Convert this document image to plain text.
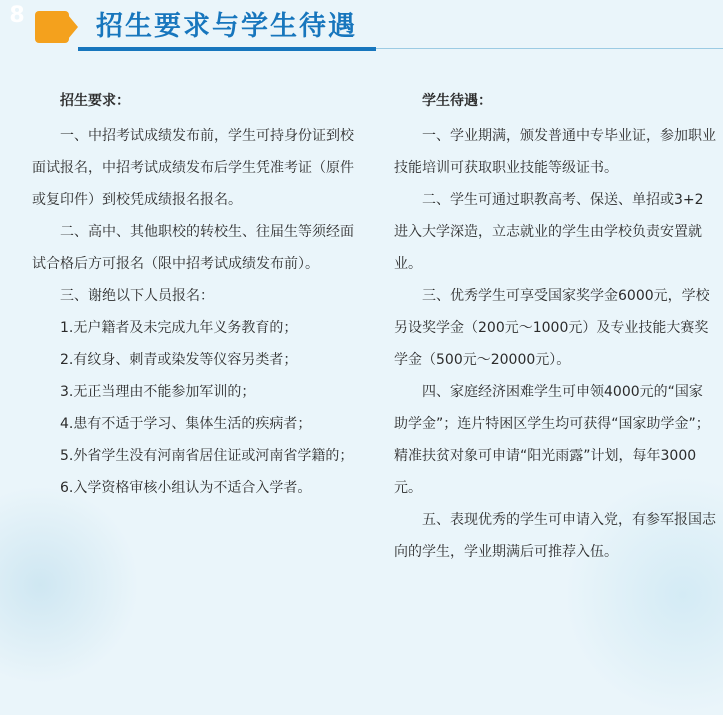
8	招生要求与学生待遇
招生要求：

一、中招考试成绩发布前，学生可持身份证到校面试报名，中招考试成绩发布后学生凭准考证（原件或复印件）到校凭成绩报名报名。

二、高中、其他职校的转校生、往届生等须经面试合格后方可报名（限中招考试成绩发布前）。

三、谢绝以下人员报名：

1.无户籍者及未完成九年义务教育的；

2.有纹身、刺青或染发等仪容另类者；

3.无正当理由不能参加军训的；

4.患有不适于学习、集体生活的疾病者；

5.外省学生没有河南省居住证或河南省学籍的；

6.入学资格审核小组认为不适合入学者。

学生待遇：

一、学业期满，颁发普通中专毕业证，参加职业技能培训可获取职业技能等级证书。

二、学生可通过职教高考、保送、单招或3+2进入大学深造，立志就业的学生由学校负责安置就业。

三、优秀学生可享受国家奖学金6000元，学校另设奖学金（200元～1000元）及专业技能大赛奖学金（500元～20000元）。

四、家庭经济困难学生可申领4000元的“国家助学金”；连片特困区学生均可获得“国家助学金”；精准扶贫对象可申请“阳光雨露”计划，每年3000元。

五、表现优秀的学生可申请入党，有参军报国志向的学生，学业期满后可推荐入伍。
